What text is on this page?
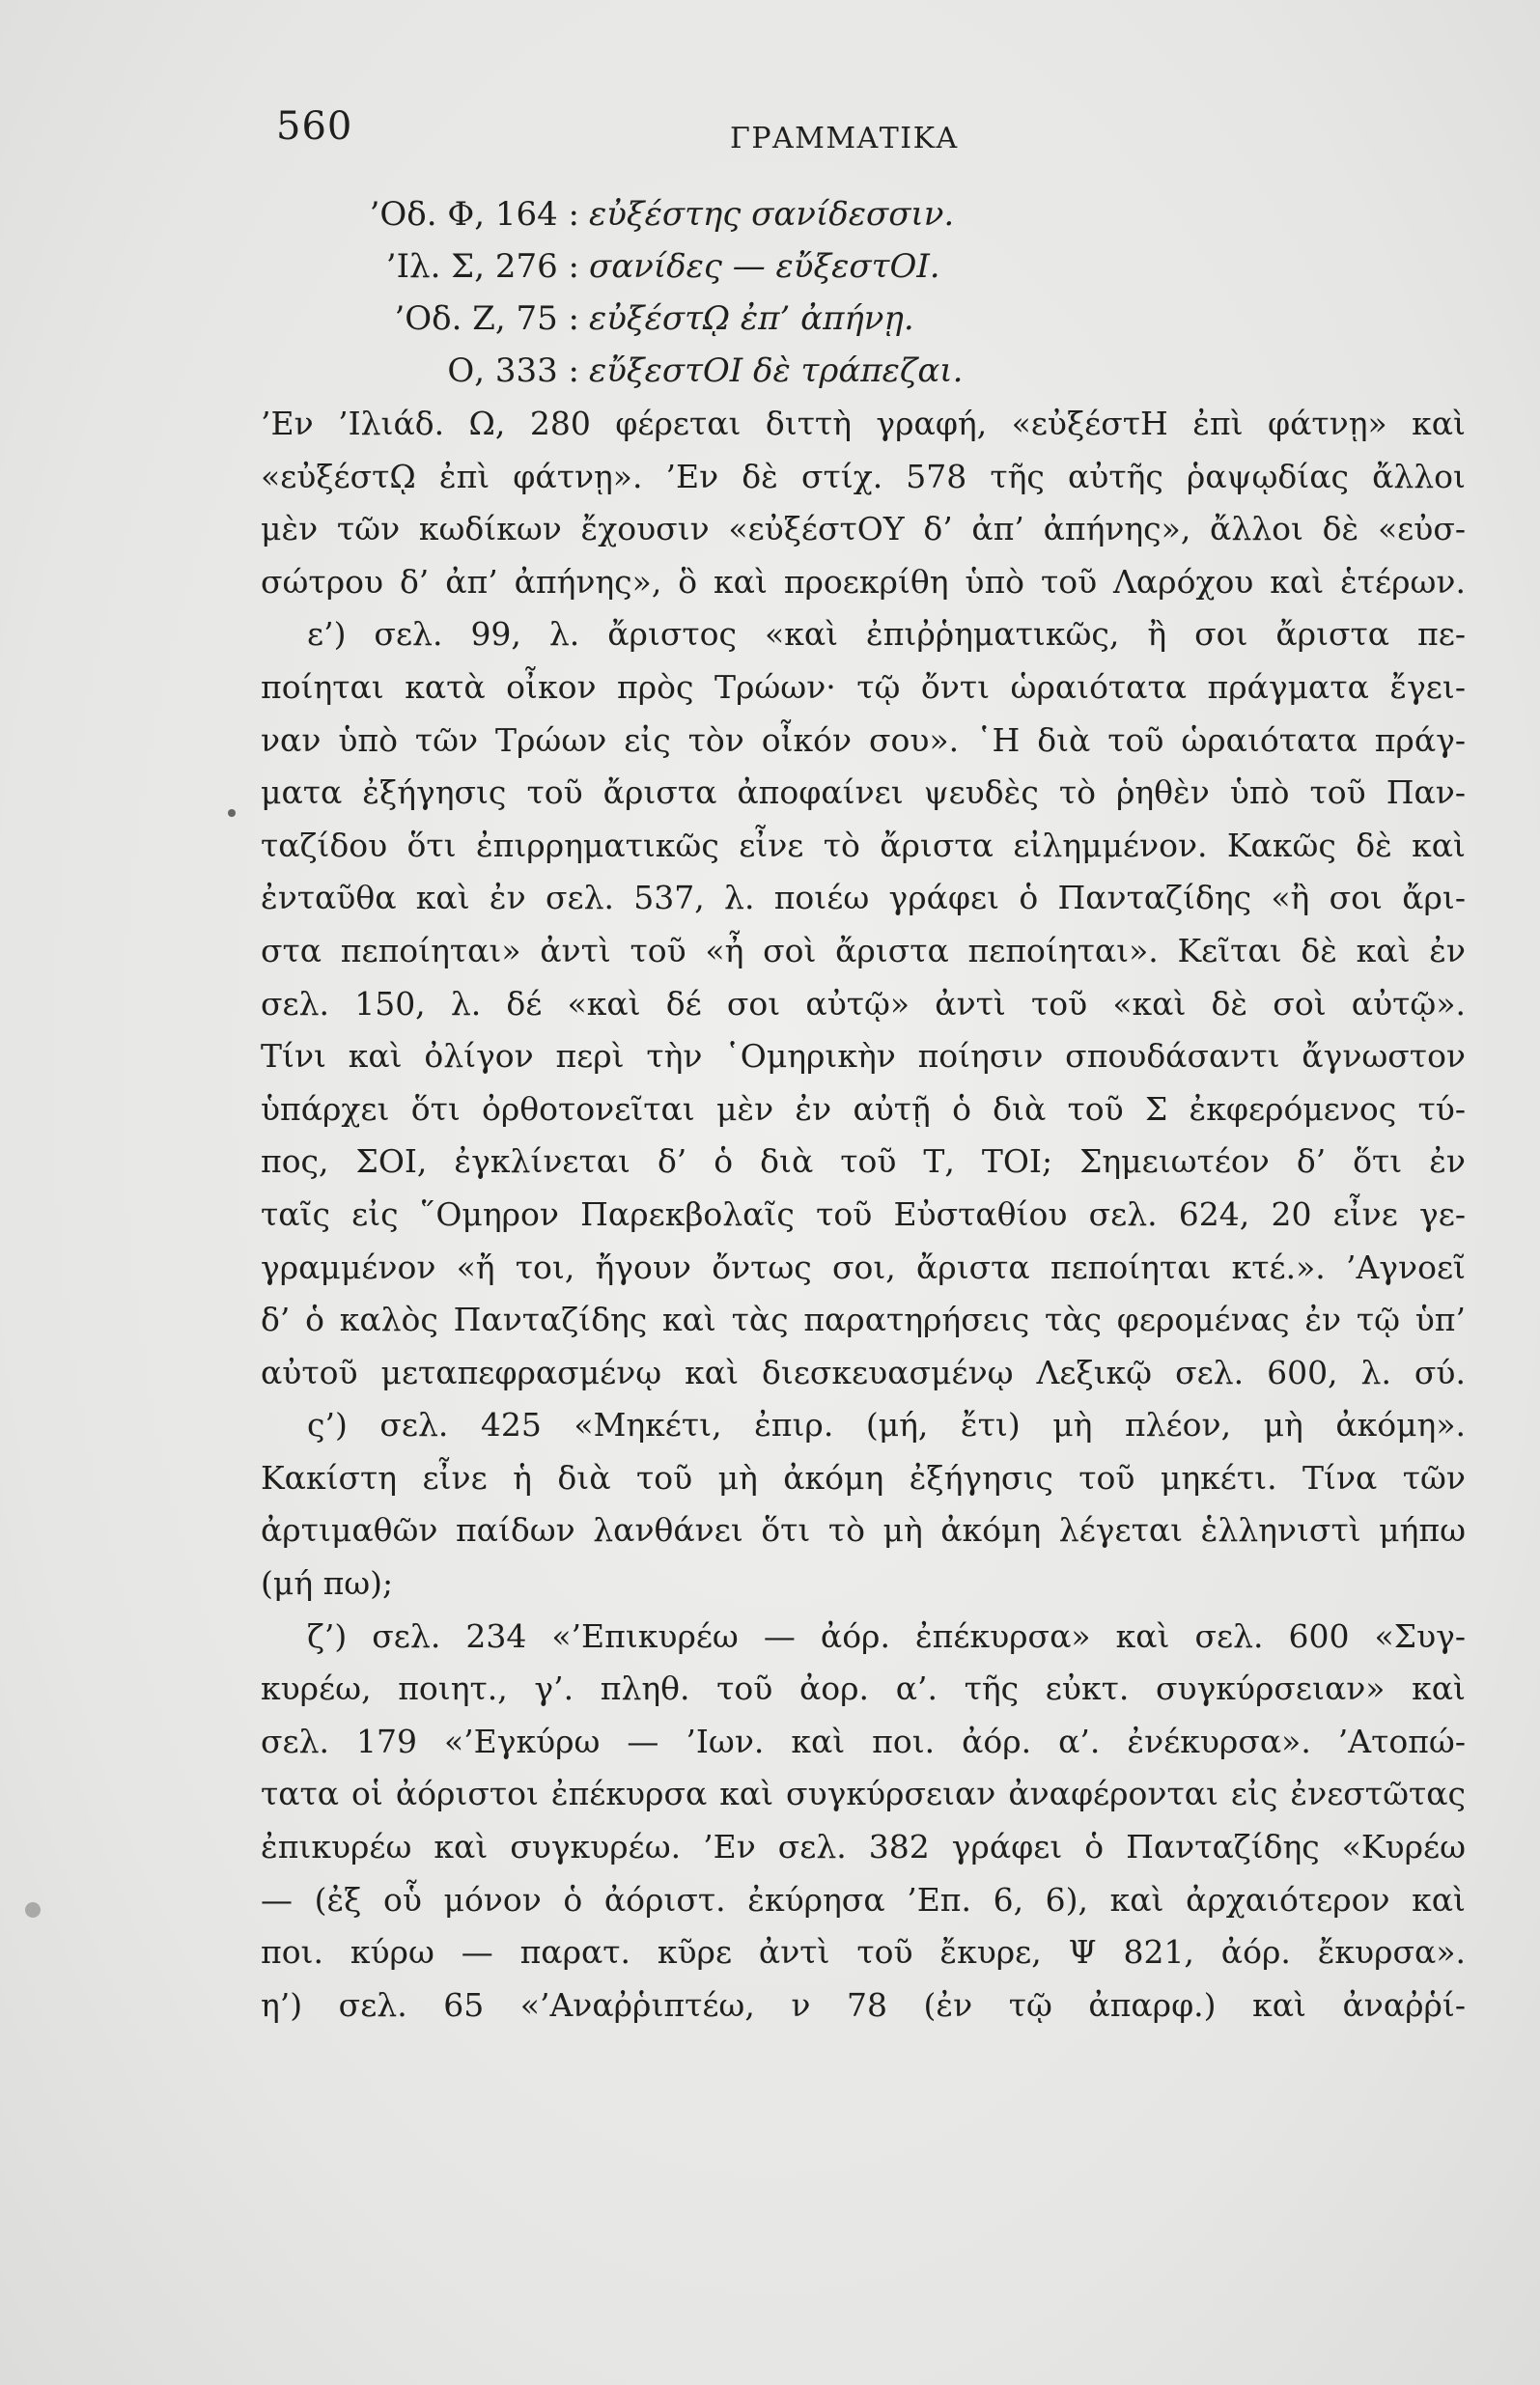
560	ΓΡΑΜΜΑΤΙΚΑ
’Οδ. Φ, 164 : εὐξέστης σανίδεσσιν.
’Ιλ. Σ, 276 : σανίδες — εὔξεστΟΙ.
’Οδ. Ζ, 75 : εὐξέστῼ ἐπ’ ἀπήνῃ.
Ο, 333 : εὔξεστΟΙ δὲ τράπεζαι.
’Εν ’Ιλιάδ. Ω, 280 φέρεται διττὴ γραφή, «εὐξέστΗ ἐπὶ φάτνῃ» καὶ
«εὐξέστῼ ἐπὶ φάτνῃ». ’Εν δὲ στίχ. 578 τῆς αὐτῆς ῥαψῳδίας ἄλλοι
μὲν τῶν κωδίκων ἔχουσιν «εὐξέστΟΥ δ’ ἀπ’ ἀπήνης», ἄλλοι δὲ «εὐσ-
σώτρου δ’ ἀπ’ ἀπήνης», ὃ καὶ προεκρίθη ὑπὸ τοῦ Λαρόχου καὶ ἑτέρων.
ε’) σελ. 99, λ. ἄριστος «καὶ ἐπιῤῥηματικῶς, ἢ σοι ἄριστα πε-
ποίηται κατὰ οἶκον πρὸς Τρώων· τῷ ὄντι ὡραιότατα πράγματα ἔγει-
ναν ὑπὸ τῶν Τρώων εἰς τὸν οἶκόν σου». ῾Η διὰ τοῦ ὡραιότατα πράγ-
ματα ἐξήγησις τοῦ ἄριστα ἀποφαίνει ψευδὲς τὸ ῥηθὲν ὑπὸ τοῦ Παν-
ταζίδου ὅτι ἐπιρρηματικῶς εἶνε τὸ ἄριστα εἰλημμένον. Κακῶς δὲ καὶ
ἐνταῦθα καὶ ἐν σελ. 537, λ. ποιέω γράφει ὁ Πανταζίδης «ἢ σοι ἄρι-
στα πεποίηται» ἀντὶ τοῦ «ἦ σοὶ ἄριστα πεποίηται». Κεῖται δὲ καὶ ἐν
σελ. 150, λ. δέ «καὶ δέ σοι αὐτῷ» ἀντὶ τοῦ «καὶ δὲ σοὶ αὐτῷ».
Τίνι καὶ ὀλίγον περὶ τὴν ῾Ομηρικὴν ποίησιν σπουδάσαντι ἄγνωστον
ὑπάρχει ὅτι ὀρθοτονεῖται μὲν ἐν αὐτῇ ὁ διὰ τοῦ Σ ἐκφερόμενος τύ-
πος, ΣΟΙ, ἐγκλίνεται δ’ ὁ διὰ τοῦ Τ, ΤΟΙ; Σημειωτέον δ’ ὅτι ἐν
ταῖς εἰς ῞Ομηρον Παρεκβολαῖς τοῦ Εὐσταθίου σελ. 624, 20 εἶνε γε-
γραμμένον «ἤ τοι, ἤγουν ὄντως σοι, ἄριστα πεποίηται κτέ.». ’Αγνοεῖ
δ’ ὁ καλὸς Πανταζίδης καὶ τὰς παρατηρήσεις τὰς φερομένας ἐν τῷ ὑπ’
αὐτοῦ μεταπεφρασμένῳ καὶ διεσκευασμένῳ Λεξικῷ σελ. 600, λ. σύ.
ς’) σελ. 425 «Μηκέτι, ἐπιρ. (μή, ἔτι) μὴ πλέον, μὴ ἀκόμη».
Κακίστη εἶνε ἡ διὰ τοῦ μὴ ἀκόμη ἐξήγησις τοῦ μηκέτι. Τίνα τῶν
ἀρτιμαθῶν παίδων λανθάνει ὅτι τὸ μὴ ἀκόμη λέγεται ἑλληνιστὶ μήπω
(μή πω);
ζ’) σελ. 234 «’Επικυρέω — ἀόρ. ἐπέκυρσα» καὶ σελ. 600 «Συγ-
κυρέω, ποιητ., γ’. πληθ. τοῦ ἀορ. α’. τῆς εὐκτ. συγκύρσειαν» καὶ
σελ. 179 «’Εγκύρω — ’Ιων. καὶ ποι. ἀόρ. α’. ἐνέκυρσα». ’Ατοπώ-
τατα οἱ ἀόριστοι ἐπέκυρσα καὶ συγκύρσειαν ἀναφέρονται εἰς ἐνεστῶτας
ἐπικυρέω καὶ συγκυρέω. ’Εν σελ. 382 γράφει ὁ Πανταζίδης «Κυρέω
— (ἐξ οὗ μόνον ὁ ἀόριστ. ἐκύρησα ’Επ. 6, 6), καὶ ἀρχαιότερον καὶ
ποι. κύρω — παρατ. κῦρε ἀντὶ τοῦ ἔκυρε, Ψ 821, ἀόρ. ἔκυρσα».
η’) σελ. 65 «’Αναῤῥιπτέω, ν 78 (ἐν τῷ ἀπαρφ.) καὶ ἀναῤῥί-
